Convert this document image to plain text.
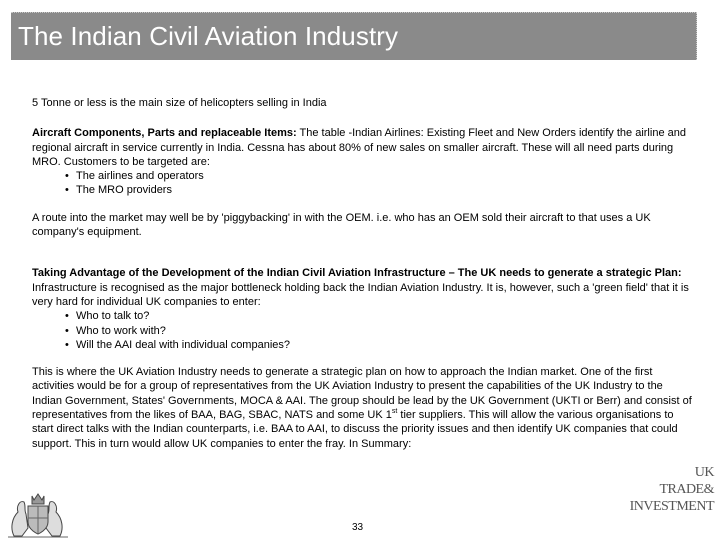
The Indian Civil Aviation Industry

5 Tonne or less is the main size of helicopters selling in India

Aircraft Components, Parts and replaceable Items: The table -Indian Airlines: Existing Fleet and New Orders identify the airline and regional aircraft in service currently in India. Cessna has about 80% of new sales on smaller aircraft. These will all need parts during MRO. Customers to be targeted are:

• The airlines and operators
• The MRO providers

A route into the market may well be by 'piggybacking' in with the OEM. i.e. who has an OEM sold their aircraft to that uses a UK company's equipment.

Taking Advantage of the Development of the Indian Civil Aviation Infrastructure – The UK needs to generate a strategic Plan: Infrastructure is recognised as the major bottleneck holding back the Indian Aviation Industry. It is, however, such a 'green field' that it is very hard for individual UK companies to enter:

• Who to talk to?
• Who to work with?
• Will the AAI deal with individual companies?

This is where the UK Aviation Industry needs to generate a strategic plan on how to approach the Indian market. One of the first activities would be for a group of representatives from the UK Aviation Industry to present the capabilities of the UK Industry to the Indian Government, States' Governments, MOCA & AAI. The group should be lead by the UK Government (UKTI or Berr) and consist of representatives from the likes of BAA, BAG, SBAC, NATS and some UK 1st tier suppliers. This will allow the various organisations to start direct talks with the Indian counterparts, i.e. BAA to AAI, to discuss the priority issues and then identify UK companies that could support. This in turn would allow UK companies to enter the fray. In Summary:

33
UK
TRADE&
INVESTMENT
